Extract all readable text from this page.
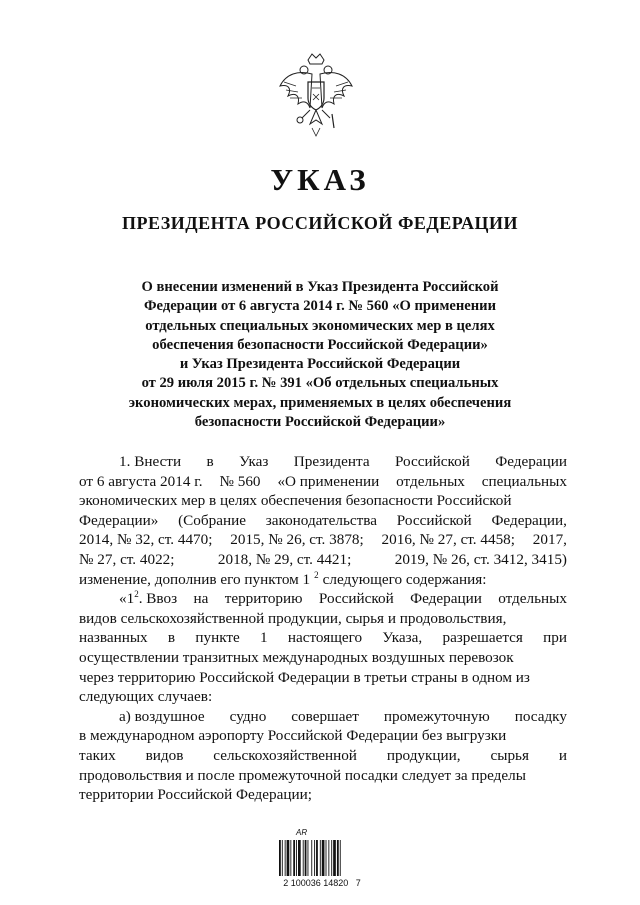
УКАЗ
ПРЕЗИДЕНТА РОССИЙСКОЙ ФЕДЕРАЦИИ
О внесении изменений в Указ Президента Российской
Федерации от 6 августа 2014 г. № 560 «О применении
отдельных специальных экономических мер в целях
обеспечения безопасности Российской Федерации»
и Указ Президента Российской Федерации
от 29 июля 2015 г. № 391 «Об отдельных специальных
экономических мерах, применяемых в целях обеспечения
безопасности Российской Федерации»
1. Внести в Указ Президента Российской Федерации
от 6 августа 2014 г. № 560 «О применении отдельных специальных
экономических мер в целях обеспечения безопасности Российской
Федерации» (Собрание законодательства Российской Федерации,
2014, № 32, ст. 4470; 2015, № 26, ст. 3878; 2016, № 27, ст. 4458; 2017,
№ 27, ст. 4022;	2018, № 29, ст. 4421;	2019, № 26, ст. 3412, 3415)
изменение, дополнив его пунктом 1 $^2$ следующего содержания:
«$1^2$. Ввоз на территорию Российской Федерации отдельных
видов сельскохозяйственной продукции, сырья и продовольствия,
названных в пункте 1 настоящего Указа, разрешается при
осуществлении транзитных международных воздушных перевозок
через территорию Российской Федерации в третьи страны в одном из
следующих случаев:
а) воздушное судно совершает промежуточную посадку
в международном аэропорту Российской Федерации без выгрузки
таких видов сельскохозяйственной продукции, сырья и
продовольствия и после промежуточной посадки следует за пределы
территории Российской Федерации;
AR
2 100036 14820   7
